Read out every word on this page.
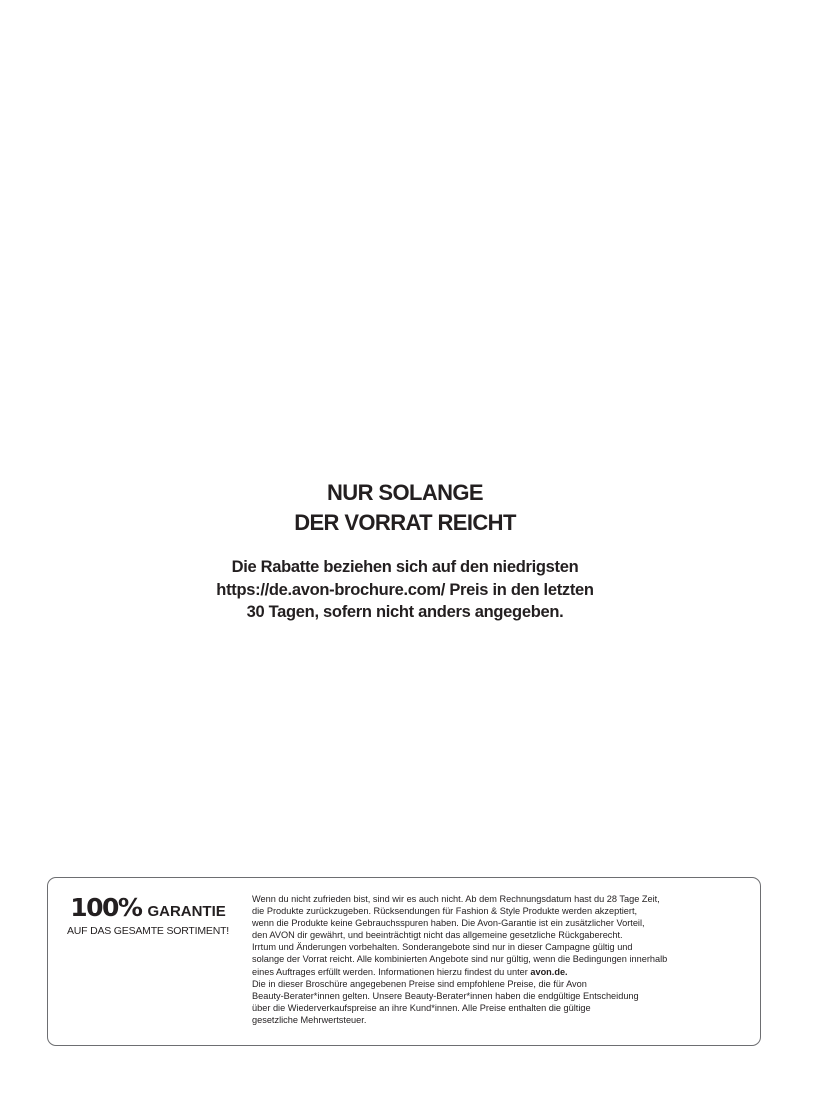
NUR SOLANGE
DER VORRAT REICHT
Die Rabatte beziehen sich auf den niedrigsten
https://de.avon-brochure.com/ Preis in den letzten
30 Tagen, sofern nicht anders angegeben.
100% GARANTIE
AUF DAS GESAMTE SORTIMENT!
Wenn du nicht zufrieden bist, sind wir es auch nicht. Ab dem Rechnungsdatum hast du 28 Tage Zeit,
die Produkte zurückzugeben. Rücksendungen für Fashion & Style Produkte werden akzeptiert,
wenn die Produkte keine Gebrauchsspuren haben. Die Avon-Garantie ist ein zusätzlicher Vorteil,
den AVON dir gewährt, und beeinträchtigt nicht das allgemeine gesetzliche Rückgaberecht.
Irrtum und Änderungen vorbehalten. Sonderangebote sind nur in dieser Campagne gültig und
solange der Vorrat reicht. Alle kombinierten Angebote sind nur gültig, wenn die Bedingungen innerhalb
eines Auftrages erfüllt werden. Informationen hierzu findest du unter avon.de.
Die in dieser Broschüre angegebenen Preise sind empfohlene Preise, die für Avon
Beauty-Berater*innen gelten. Unsere Beauty-Berater*innen haben die endgültige Entscheidung
über die Wiederverkaufspreise an ihre Kund*innen. Alle Preise enthalten die gültige
gesetzliche Mehrwertsteuer.
